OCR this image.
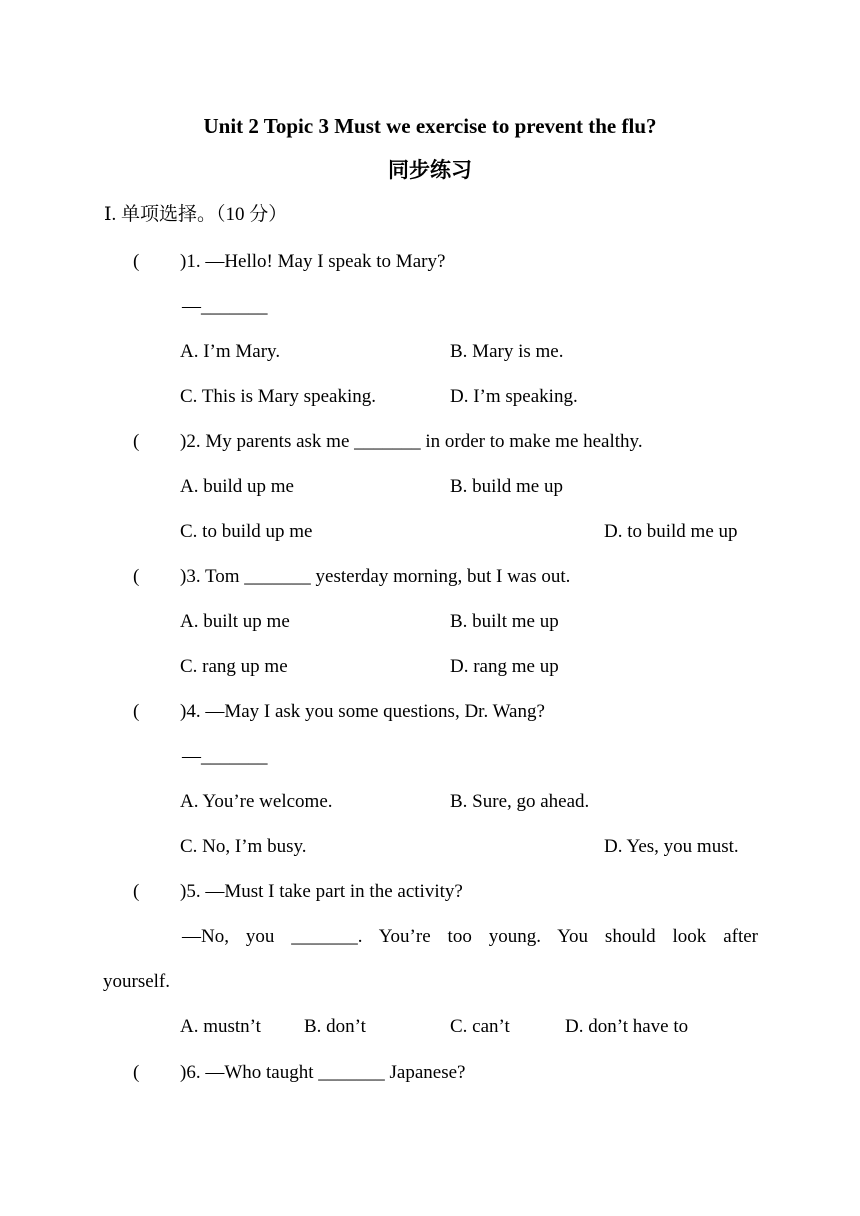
Unit 2 Topic 3 Must we exercise to prevent the flu?
同步练习
Ⅰ. 单项选择。（10 分）
( )1. —Hello! May I speak to Mary?
—_______
A. I’m Mary.	B. Mary is me.
C. This is Mary speaking.	D. I’m speaking.
( )2. My parents ask me _______ in order to make me healthy.
A. build up me	B. build me up
C. to build up me	D. to build me up
( )3. Tom _______ yesterday morning, but I was out.
A. built up me	B. built me up
C. rang up me	D. rang me up
( )4. —May I ask you some questions, Dr. Wang?
—_______
A. You’re welcome.	B. Sure, go ahead.
C. No, I’m busy.	D. Yes, you must.
( )5. —Must I take part in the activity?
—No, you _______. You’re too young. You should look after
yourself.
A. mustn’t B. don’t	C. can’t	D. don’t have to
( )6. —Who taught _______ Japanese?
